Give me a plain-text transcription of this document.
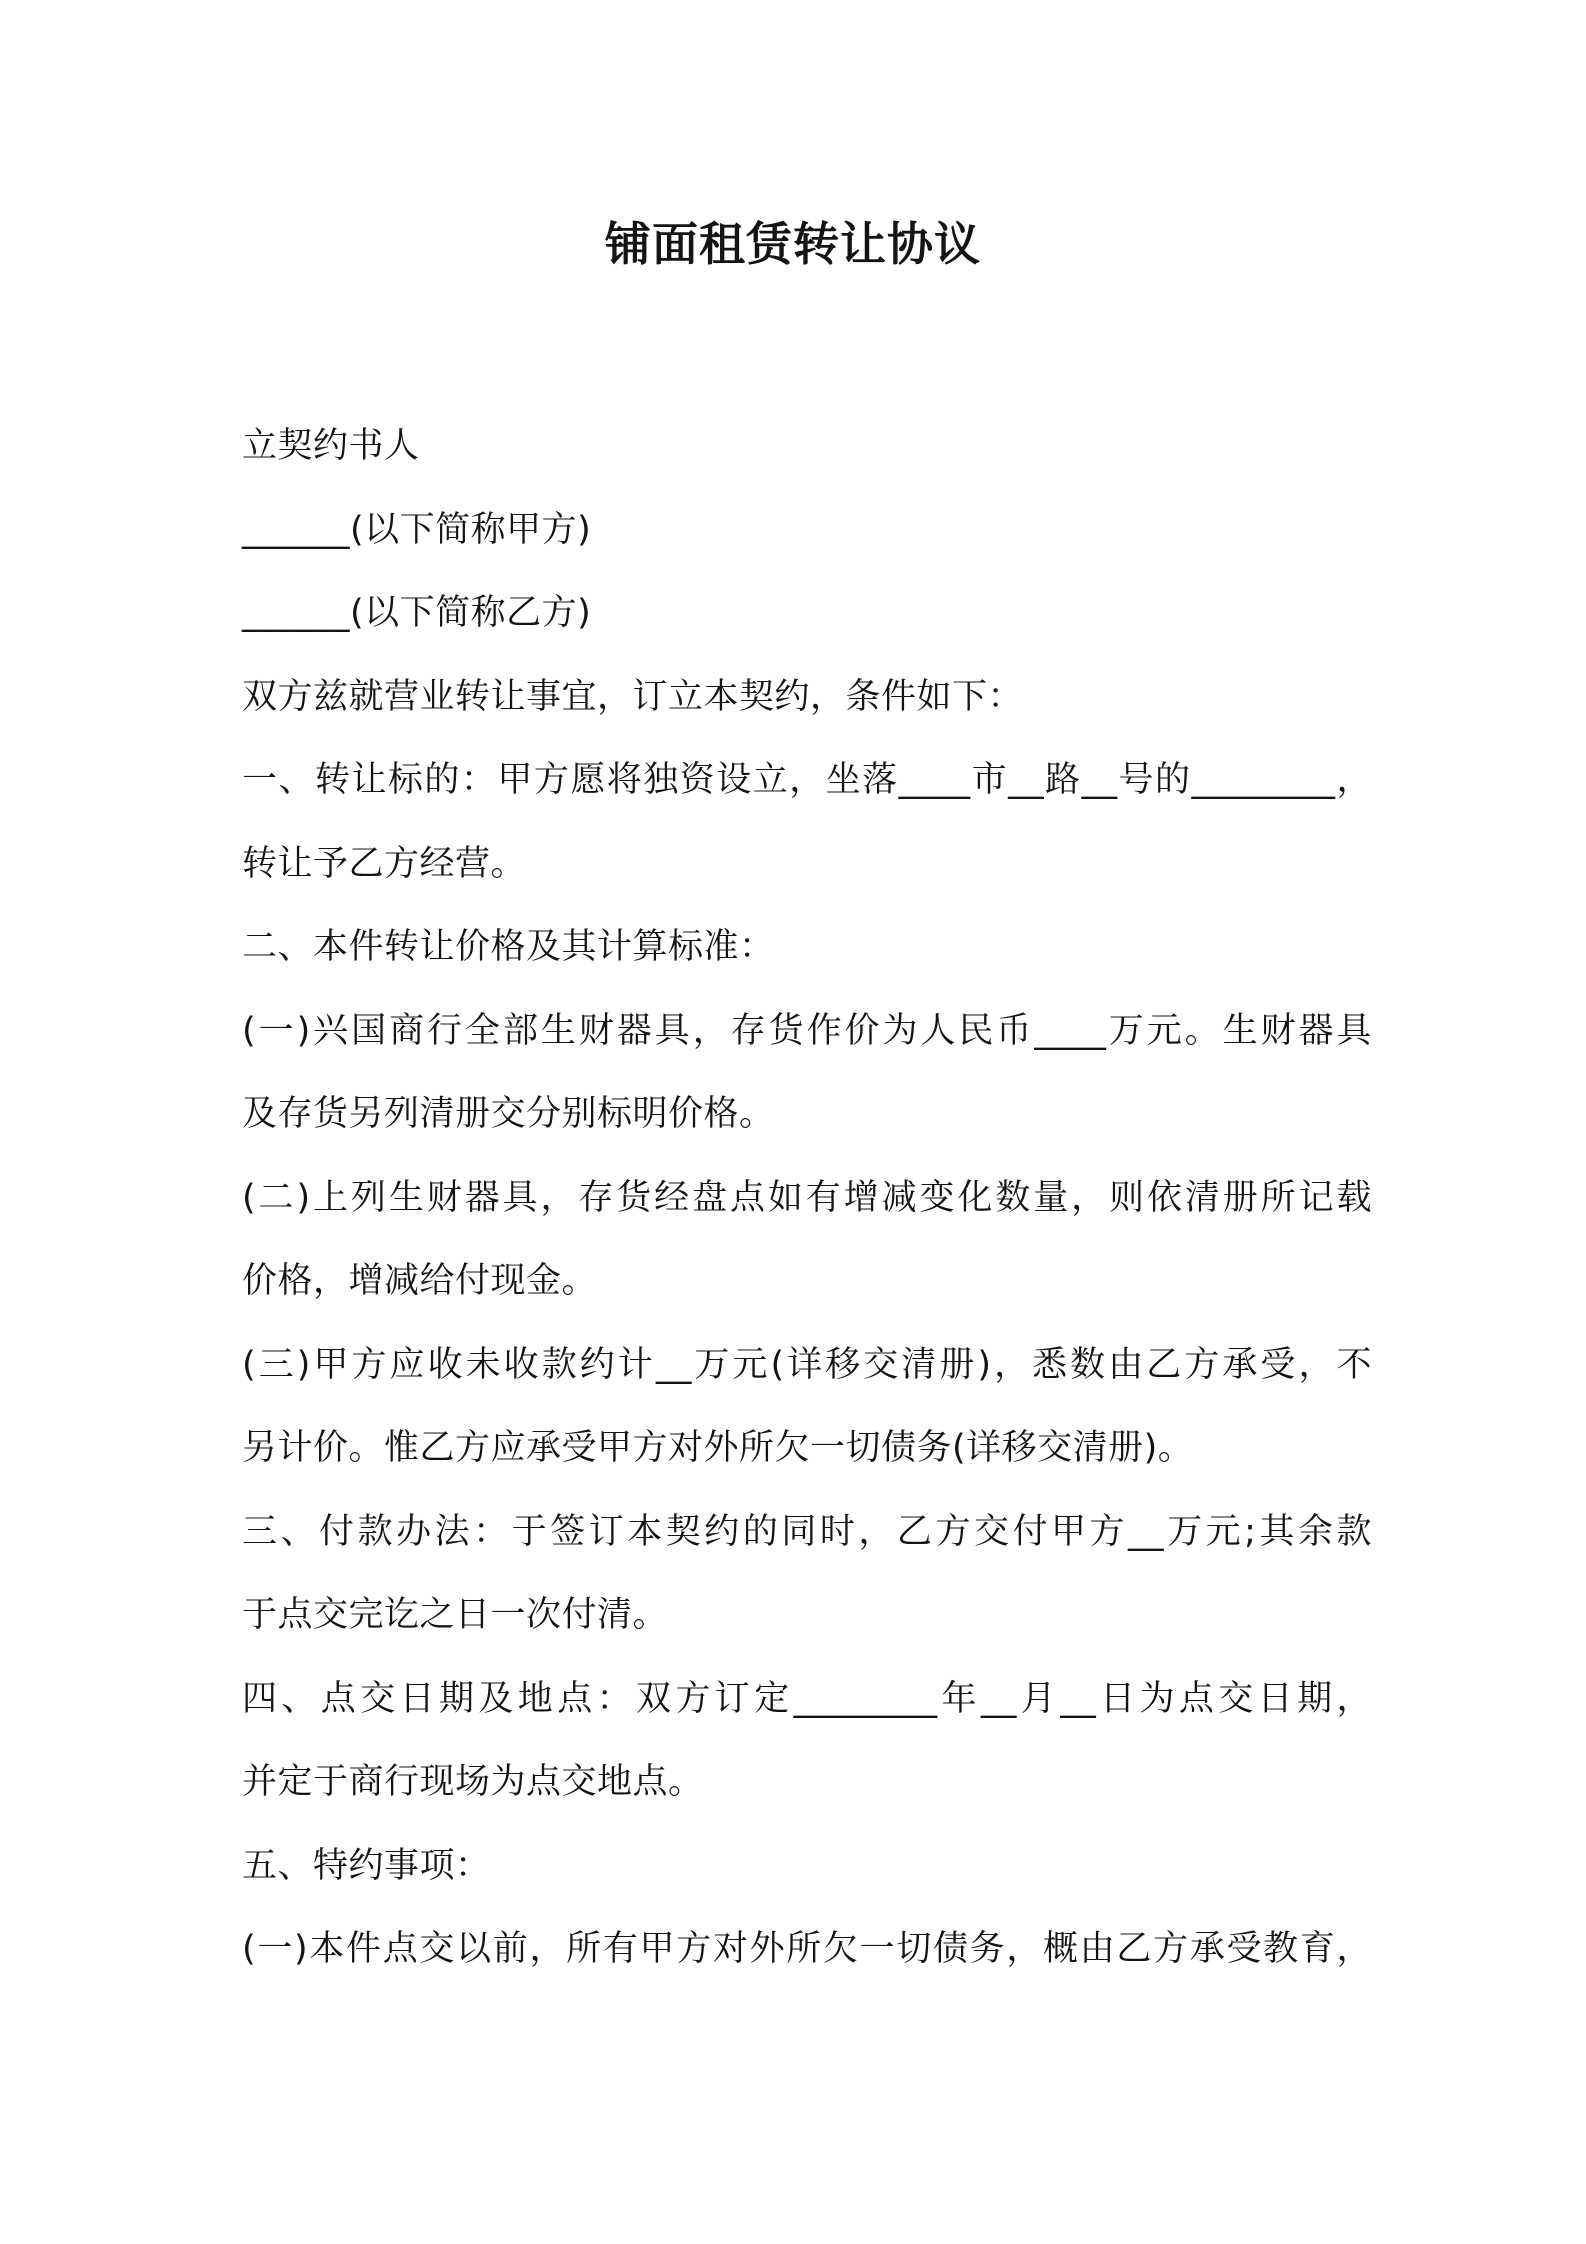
铺面租赁转让协议
立契约书人
______(以下简称甲方)
______(以下简称乙方)
双方兹就营业转让事宜，订立本契约，条件如下：
一、转让标的：甲方愿将独资设立，坐落____市__路__号的________，
转让予乙方经营。
二、本件转让价格及其计算标准：
(一)兴国商行全部生财器具，存货作价为人民币____万元。生财器具
及存货另列清册交分别标明价格。
(二)上列生财器具，存货经盘点如有增减变化数量，则依清册所记载
价格，增减给付现金。
(三)甲方应收未收款约计__万元(详移交清册)，悉数由乙方承受，不
另计价。惟乙方应承受甲方对外所欠一切债务(详移交清册)。
三、付款办法：于签订本契约的同时，乙方交付甲方__万元;其余款
于点交完讫之日一次付清。
四、点交日期及地点：双方订定________年__月__日为点交日期，
并定于商行现场为点交地点。
五、特约事项：
(一)本件点交以前，所有甲方对外所欠一切债务，概由乙方承受教育，
